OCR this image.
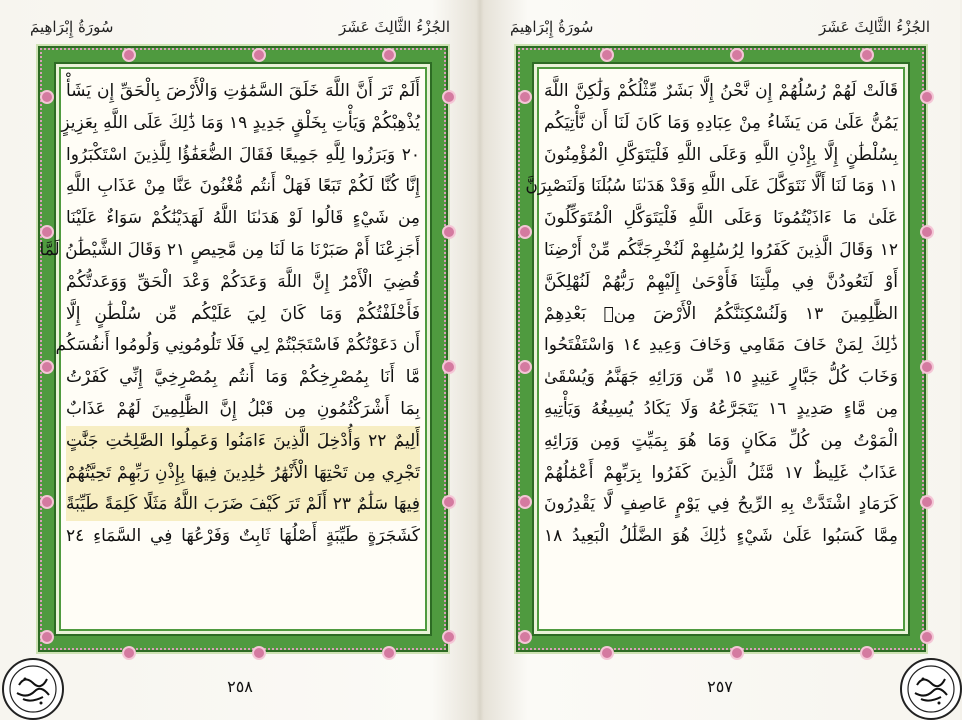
سُورَةُ إِبْرَاهِيمَ	الجُزْءُ الثَّالِثَ عَشَرَ
أَلَمْ تَرَ أَنَّ اللَّهَ خَلَقَ السَّمَٰوَٰتِ وَالْأَرْضَ بِالْحَقِّ إِن يَشَأْ
يُذْهِبْكُمْ وَيَأْتِ بِخَلْقٍ جَدِيدٍ ١٩ وَمَا ذَٰلِكَ عَلَى اللَّهِ بِعَزِيزٍ
٢٠ وَبَرَزُوا لِلَّهِ جَمِيعًا فَقَالَ الضُّعَفَٰؤُا لِلَّذِينَ اسْتَكْبَرُوا
إِنَّا كُنَّا لَكُمْ تَبَعًا فَهَلْ أَنتُم مُّغْنُونَ عَنَّا مِنْ عَذَابِ اللَّهِ
مِن شَيْءٍ قَالُوا لَوْ هَدَىٰنَا اللَّهُ لَهَدَيْنَٰكُمْ سَوَاءٌ عَلَيْنَا
أَجَزِعْنَا أَمْ صَبَرْنَا مَا لَنَا مِن مَّحِيصٍ ٢١ وَقَالَ الشَّيْطَٰنُ لَمَّا
قُضِيَ الْأَمْرُ إِنَّ اللَّهَ وَعَدَكُمْ وَعْدَ الْحَقِّ وَوَعَدتُّكُمْ
فَأَخْلَفْتُكُمْ وَمَا كَانَ لِيَ عَلَيْكُم مِّن سُلْطَٰنٍ إِلَّا
أَن دَعَوْتُكُمْ فَاسْتَجَبْتُمْ لِي فَلَا تَلُومُونِي وَلُومُوا أَنفُسَكُم
مَّا أَنَا بِمُصْرِخِكُمْ وَمَا أَنتُم بِمُصْرِخِيَّ إِنِّي كَفَرْتُ
بِمَا أَشْرَكْتُمُونِ مِن قَبْلُ إِنَّ الظَّٰلِمِينَ لَهُمْ عَذَابٌ
أَلِيمٌ ٢٢ وَأُدْخِلَ الَّذِينَ ءَامَنُوا وَعَمِلُوا الصَّٰلِحَٰتِ جَنَّٰتٍ
تَجْرِي مِن تَحْتِهَا الْأَنْهَٰرُ خَٰلِدِينَ فِيهَا بِإِذْنِ رَبِّهِمْ تَحِيَّتُهُمْ
فِيهَا سَلَٰمٌ ٢٣ أَلَمْ تَرَ كَيْفَ ضَرَبَ اللَّهُ مَثَلًا كَلِمَةً طَيِّبَةً
كَشَجَرَةٍ طَيِّبَةٍ أَصْلُهَا ثَابِتٌ وَفَرْعُهَا فِي السَّمَاءِ ٢٤
٢٥٨
سُورَةُ إِبْرَاهِيمَ	الجُزْءُ الثَّالِثَ عَشَرَ
قَالَتْ لَهُمْ رُسُلُهُمْ إِن نَّحْنُ إِلَّا بَشَرٌ مِّثْلُكُمْ وَلَٰكِنَّ اللَّهَ
يَمُنُّ عَلَىٰ مَن يَشَاءُ مِنْ عِبَادِهِ وَمَا كَانَ لَنَا أَن نَّأْتِيَكُم
بِسُلْطَٰنٍ إِلَّا بِإِذْنِ اللَّهِ وَعَلَى اللَّهِ فَلْيَتَوَكَّلِ الْمُؤْمِنُونَ
١١ وَمَا لَنَا أَلَّا نَتَوَكَّلَ عَلَى اللَّهِ وَقَدْ هَدَىٰنَا سُبُلَنَا وَلَنَصْبِرَنَّ
عَلَىٰ مَا ءَاذَيْتُمُونَا وَعَلَى اللَّهِ فَلْيَتَوَكَّلِ الْمُتَوَكِّلُونَ
١٢ وَقَالَ الَّذِينَ كَفَرُوا لِرُسُلِهِمْ لَنُخْرِجَنَّكُم مِّنْ أَرْضِنَا
أَوْ لَتَعُودُنَّ فِي مِلَّتِنَا فَأَوْحَىٰ إِلَيْهِمْ رَبُّهُمْ لَنُهْلِكَنَّ
الظَّٰلِمِينَ ١٣ وَلَنُسْكِنَنَّكُمُ الْأَرْضَ مِنۢ بَعْدِهِمْ
ذَٰلِكَ لِمَنْ خَافَ مَقَامِي وَخَافَ وَعِيدِ ١٤ وَاسْتَفْتَحُوا
وَخَابَ كُلُّ جَبَّارٍ عَنِيدٍ ١٥ مِّن وَرَائِهِ جَهَنَّمُ وَيُسْقَىٰ
مِن مَّاءٍ صَدِيدٍ ١٦ يَتَجَرَّعُهُ وَلَا يَكَادُ يُسِيغُهُ وَيَأْتِيهِ
الْمَوْتُ مِن كُلِّ مَكَانٍ وَمَا هُوَ بِمَيِّتٍ وَمِن وَرَائِهِ
عَذَابٌ غَلِيظٌ ١٧ مَّثَلُ الَّذِينَ كَفَرُوا بِرَبِّهِمْ أَعْمَٰلُهُمْ
كَرَمَادٍ اشْتَدَّتْ بِهِ الرِّيحُ فِي يَوْمٍ عَاصِفٍ لَّا يَقْدِرُونَ
مِمَّا كَسَبُوا عَلَىٰ شَيْءٍ ذَٰلِكَ هُوَ الضَّلَٰلُ الْبَعِيدُ ١٨
٢٥٧
